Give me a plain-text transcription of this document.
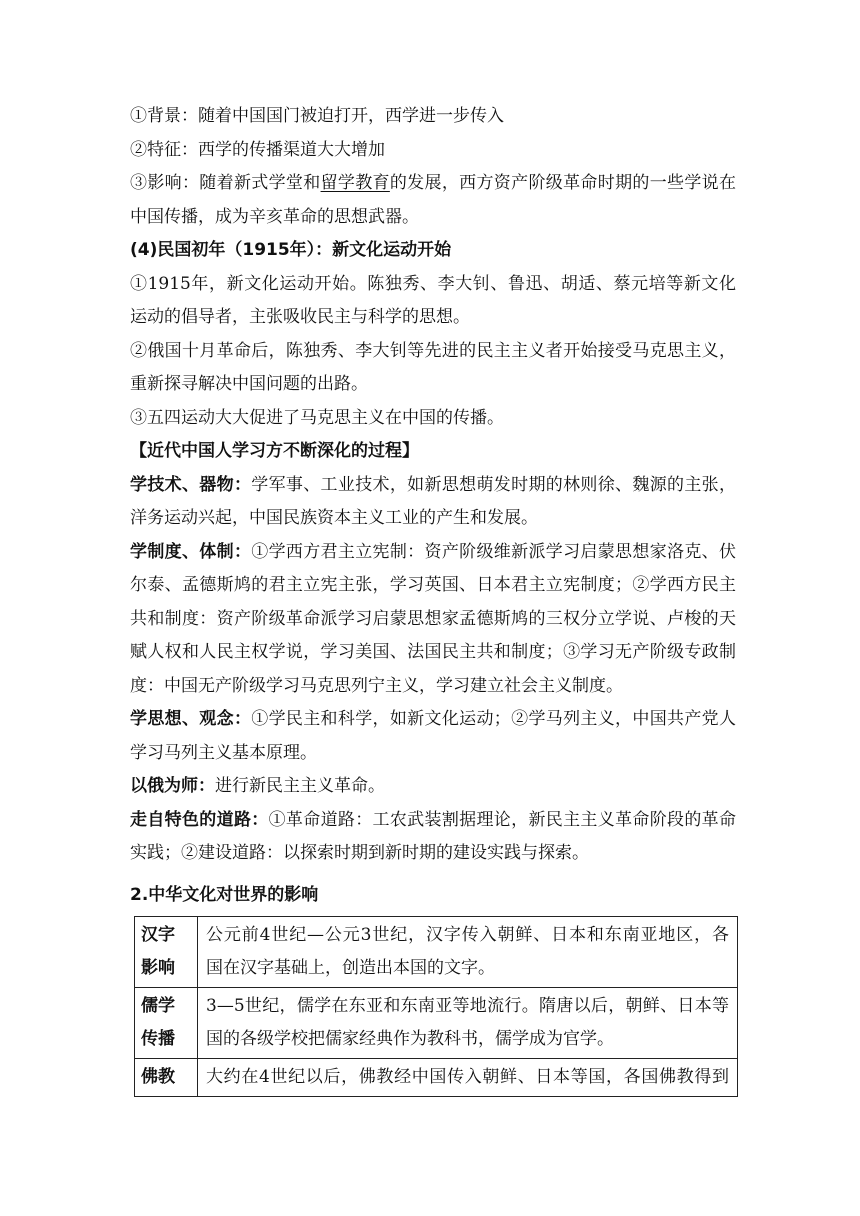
①背景：随着中国国门被迫打开，西学进一步传入

②特征：西学的传播渠道大大增加

③影响：随着新式学堂和留学教育的发展，西方资产阶级革命时期的一些学说在

中国传播，成为辛亥革命的思想武器。

(4)民国初年（1915年）：新文化运动开始

①1915年，新文化运动开始。陈独秀、李大钊、鲁迅、胡适、蔡元培等新文化

运动的倡导者，主张吸收民主与科学的思想。

②俄国十月革命后，陈独秀、李大钊等先进的民主主义者开始接受马克思主义，

重新探寻解决中国问题的出路。

③五四运动大大促进了马克思主义在中国的传播。

【近代中国人学习方不断深化的过程】

学技术、器物：学军事、工业技术，如新思想萌发时期的林则徐、魏源的主张，

洋务运动兴起，中国民族资本主义工业的产生和发展。

学制度、体制：①学西方君主立宪制：资产阶级维新派学习启蒙思想家洛克、伏

尔泰、孟德斯鸠的君主立宪主张，学习英国、日本君主立宪制度；②学西方民主

共和制度：资产阶级革命派学习启蒙思想家孟德斯鸠的三权分立学说、卢梭的天

赋人权和人民主权学说，学习美国、法国民主共和制度；③学习无产阶级专政制

度：中国无产阶级学习马克思列宁主义，学习建立社会主义制度。

学思想、观念：①学民主和科学，如新文化运动；②学马列主义，中国共产党人

学习马列主义基本原理。

以俄为师：进行新民主主义革命。

走自特色的道路：①革命道路：工农武装割据理论，新民主主义革命阶段的革命

实践；②建设道路：以探索时期到新时期的建设实践与探索。

2.中华文化对世界的影响

汉字
影响	公元前4世纪—公元3世纪，汉字传入朝鲜、日本和东南亚地区，各
国在汉字基础上，创造出本国的文字。

儒学
传播	3—5世纪，儒学在东亚和东南亚等地流行。隋唐以后，朝鲜、日本等
国的各级学校把儒家经典作为教科书，儒学成为官学。

佛教	大约在4世纪以后，佛教经中国传入朝鲜、日本等国，各国佛教得到
